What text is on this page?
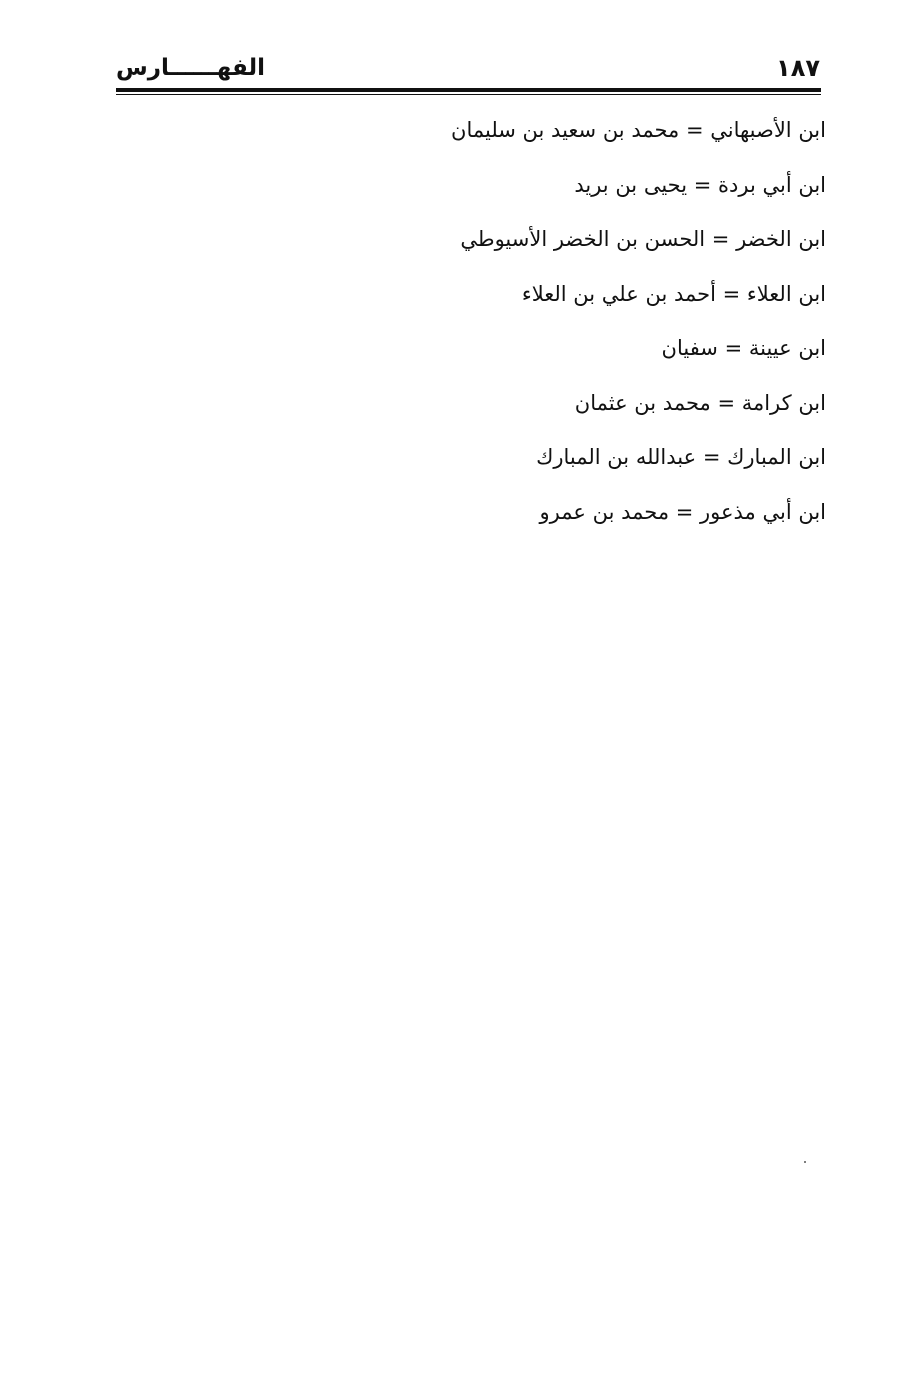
١٨٧
الفهــــــارس
ابن الأصبهاني = محمد بن سعيد بن سليمان
ابن أبي بردة = يحيى بن بريد
ابن الخضر = الحسن بن الخضر الأسيوطي
ابن العلاء = أحمد بن علي بن العلاء
ابن عيينة = سفيان
ابن كرامة = محمد بن عثمان
ابن المبارك = عبدالله بن المبارك
ابن أبي مذعور = محمد بن عمرو
